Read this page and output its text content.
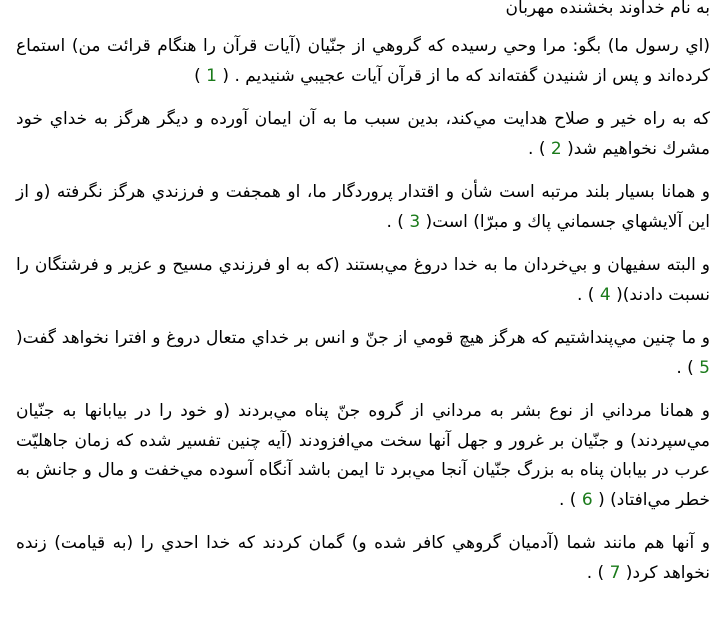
به نام خداوند بخشنده مهربان

(اي رسول ما) بگو: مرا وحي رسيده كه گروهي از جنّيان (آيات قرآن را هنگام قرائت من) استماع كرده‌اند و پس از شنيدن گفته‌اند كه ما از قرآن آيات عجيبي شنيديم . ( 1 )

كه به راه خير و صلاح هدايت مي‌كند، بدين سبب ما به آن ايمان آورده و ديگر هرگز به خداي خود مشرك نخواهيم شد( 2 ) .

و همانا بسيار بلند مرتبه است شأن و اقتدار پروردگار ما، او همجفت و فرزندي هرگز نگرفته (و از اين آلايشهاي جسماني پاك و مبرّا) است( 3 ) .

و البته سفيهان و بي‌خردان ما به خدا دروغ مي‌بستند (كه به او فرزندي مسيح و عزير و فرشتگان را نسبت دادند)( 4 ) .

و ما چنين مي‌پنداشتيم كه هرگز هيچ قومي از جنّ و انس بر خداي متعال دروغ و افترا نخواهد گفت( 5 ) .

و همانا مرداني از نوع بشر به مرداني از گروه جنّ پناه مي‌بردند (و خود را در بيابانها به جنّيان مي‌سپردند) و جنّيان بر غرور و جهل آنها سخت مي‌افزودند (آيه چنين تفسير شده كه زمان جاهليّت عرب در بيابان پناه به بزرگ جنّيان آنجا مي‌برد تا ايمن باشد آنگاه آسوده مي‌خفت و مال و جانش به خطر مي‌افتاد) ( 6 ) .

و آنها هم مانند شما (آدميان گروهي كافر شده و) گمان كردند كه خدا احدي را (به قيامت) زنده نخواهد كرد( 7 ) .
